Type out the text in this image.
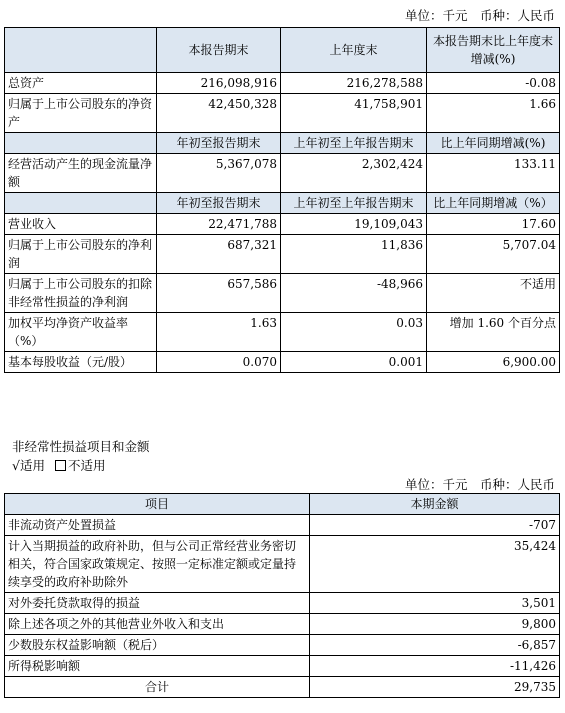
单位：千元　币种：人民币
	本报告期末	上年度末	本报告期末比上年度末增减(%)
总资产	216,098,916	216,278,588	-0.08
归属于上市公司股东的净资产	42,450,328	41,758,901	1.66
	年初至报告期末	上年初至上年报告期末	比上年同期增减(%)
经营活动产生的现金流量净额	5,367,078	2,302,424	133.11
	年初至报告期末	上年初至上年报告期末	比上年同期增减（%）
营业收入	22,471,788	19,109,043	17.60
归属于上市公司股东的净利润	687,321	11,836	5,707.04
归属于上市公司股东的扣除非经常性损益的净利润	657,586	-48,966	不适用
加权平均净资产收益率（%）	1.63	0.03	增加 1.60 个百分点
基本每股收益（元/股）	0.070	0.001	6,900.00
非经常性损益项目和金额
√适用 不适用
单位：千元　币种：人民币
项目	本期金额
非流动资产处置损益	-707
计入当期损益的政府补助，但与公司正常经营业务密切相关，符合国家政策规定、按照一定标准定额或定量持续享受的政府补助除外	35,424
对外委托贷款取得的损益	3,501
除上述各项之外的其他营业外收入和支出	9,800
少数股东权益影响额（税后）	-6,857
所得税影响额	-11,426
合计	29,735
